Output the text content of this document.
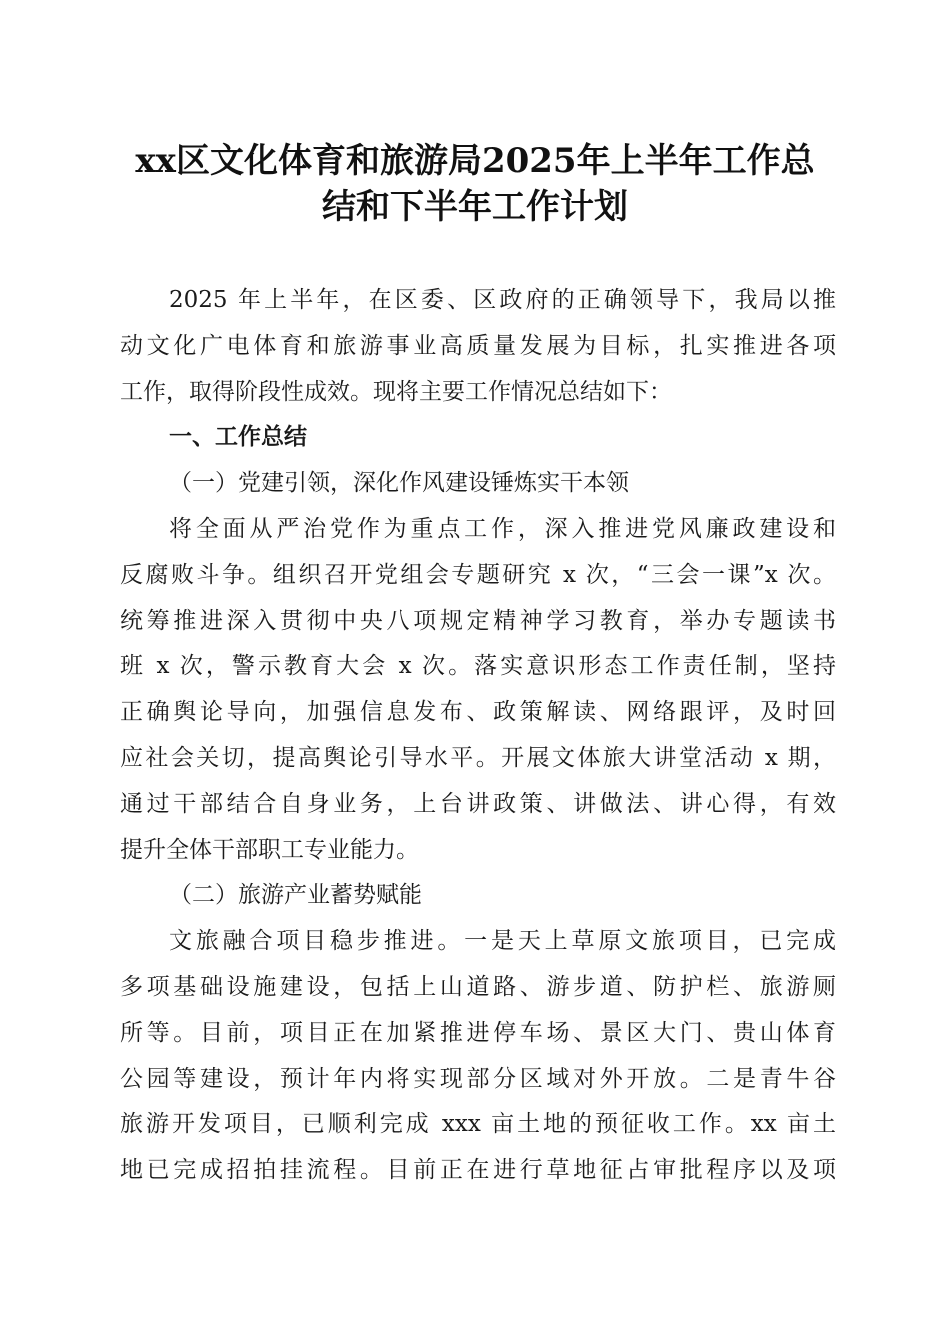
xx区文化体育和旅游局2025年上半年工作总
结和下半年工作计划
2025 年上半年，在区委、区政府的正确领导下，我局以推
动文化广电体育和旅游事业高质量发展为目标，扎实推进各项
工作，取得阶段性成效。现将主要工作情况总结如下：
一、工作总结
（一）党建引领，深化作风建设锤炼实干本领
将全面从严治党作为重点工作，深入推进党风廉政建设和
反腐败斗争。组织召开党组会专题研究 x 次，“三会一课”x 次。
统筹推进深入贯彻中央八项规定精神学习教育，举办专题读书
班 x 次，警示教育大会 x 次。落实意识形态工作责任制，坚持
正确舆论导向，加强信息发布、政策解读、网络跟评，及时回
应社会关切，提高舆论引导水平。开展文体旅大讲堂活动 x 期，
通过干部结合自身业务，上台讲政策、讲做法、讲心得，有效
提升全体干部职工专业能力。
（二）旅游产业蓄势赋能
文旅融合项目稳步推进。一是天上草原文旅项目，已完成
多项基础设施建设，包括上山道路、游步道、防护栏、旅游厕
所等。目前，项目正在加紧推进停车场、景区大门、贵山体育
公园等建设，预计年内将实现部分区域对外开放。二是青牛谷
旅游开发项目，已顺利完成 xxx 亩土地的预征收工作。xx 亩土
地已完成招拍挂流程。目前正在进行草地征占审批程序以及项
